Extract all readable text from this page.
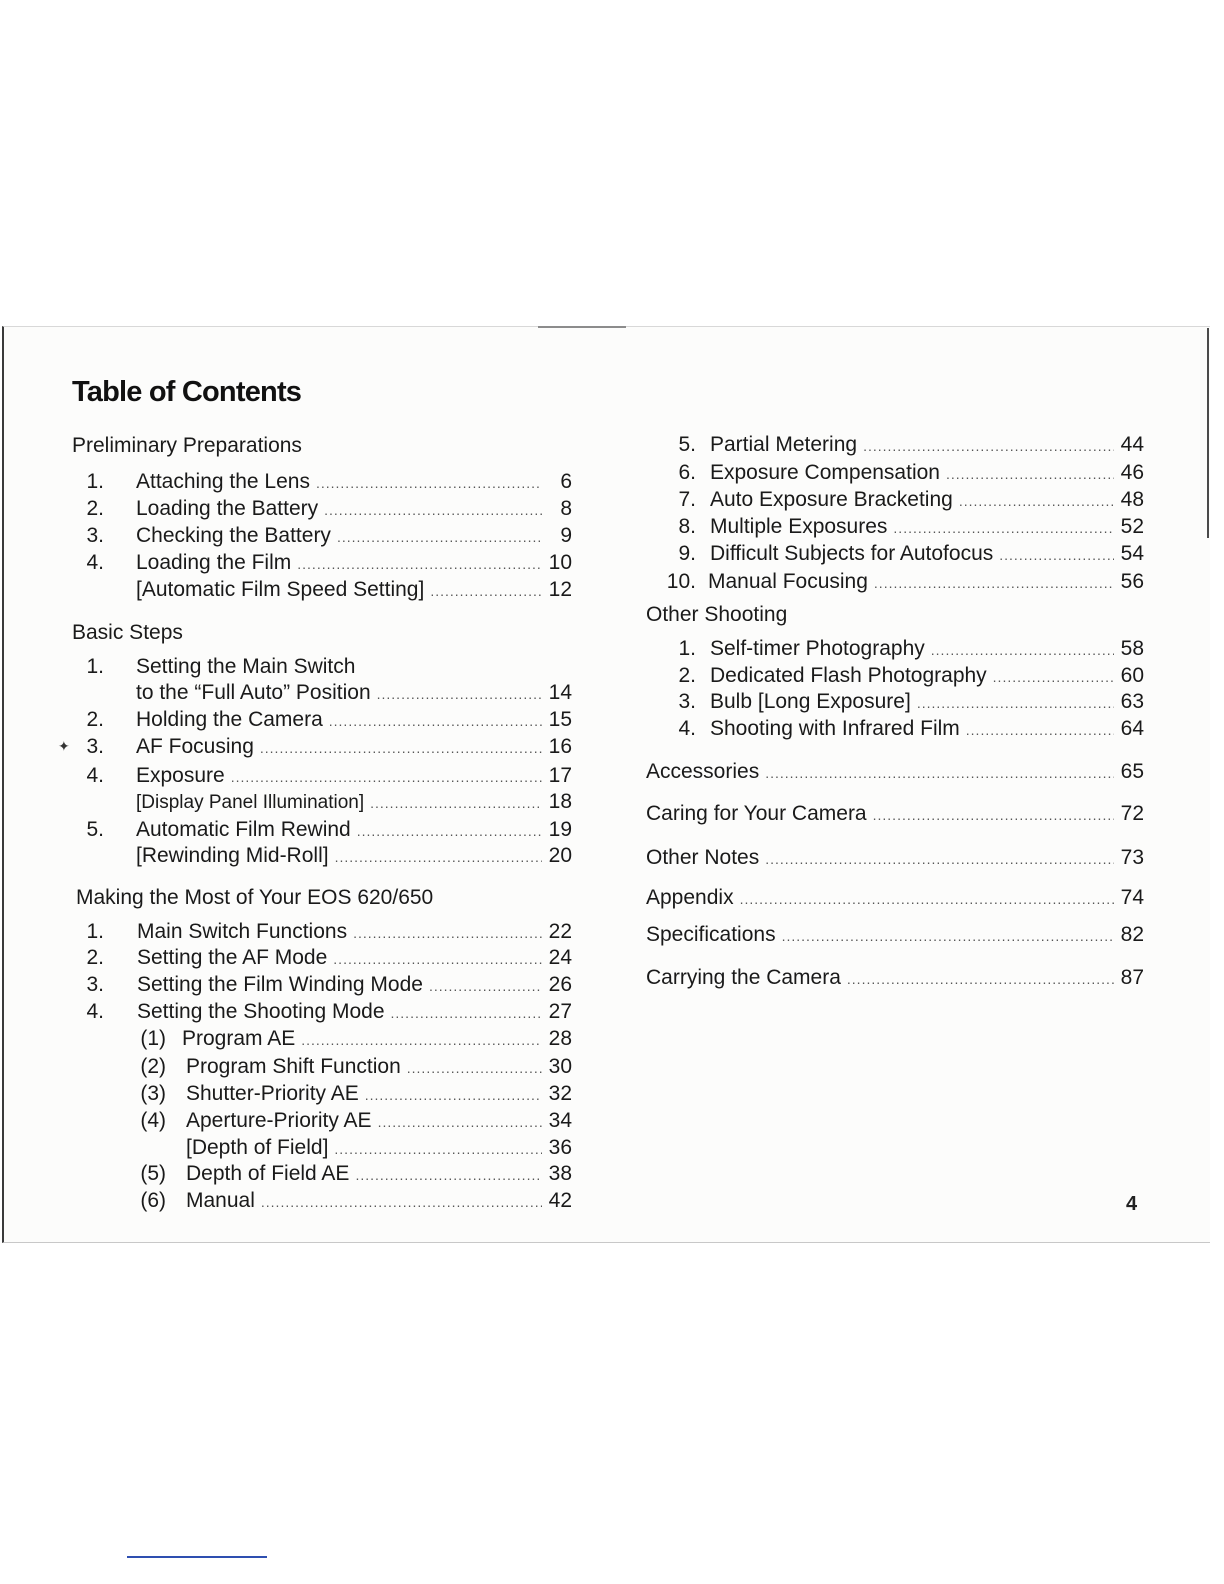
Table of Contents
Preliminary Preparations
1. Attaching the Lens .....	6
2. Loading the Battery .....	8
3. Checking the Battery .....	9
4. Loading the Film .....	10
[Automatic Film Speed Setting] .....	12
Basic Steps
1. Setting the Main Switch
to the “Full Auto” Position .....	14
2. Holding the Camera .....	15
3. AF Focusing .....	16
4. Exposure .....	17
[Display Panel Illumination] .....	18
5. Automatic Film Rewind .....	19
[Rewinding Mid-Roll] .....	20
Making the Most of Your EOS 620/650
1. Main Switch Functions .....	22
2. Setting the AF Mode .....	24
3. Setting the Film Winding Mode .....	26
4. Setting the Shooting Mode .....	27
(1) Program AE .....	28
(2) Program Shift Function .....	30
(3) Shutter-Priority AE .....	32
(4) Aperture-Priority AE .....	34
[Depth of Field] .....	36
(5) Depth of Field AE .....	38
(6) Manual .....	42
5. Partial Metering .....	44
6. Exposure Compensation .....	46
7. Auto Exposure Bracketing .....	48
8. Multiple Exposures .....	52
9. Difficult Subjects for Autofocus .....	54
10. Manual Focusing .....	56
Other Shooting
1. Self-timer Photography .....	58
2. Dedicated Flash Photography .....	60
3. Bulb [Long Exposure] .....	63
4. Shooting with Infrared Film .....	64
Accessories .....	65
Caring for Your Camera .....	72
Other Notes .....	73
Appendix .....	74
Specifications .....	82
Carrying the Camera .....	87
✦
4
